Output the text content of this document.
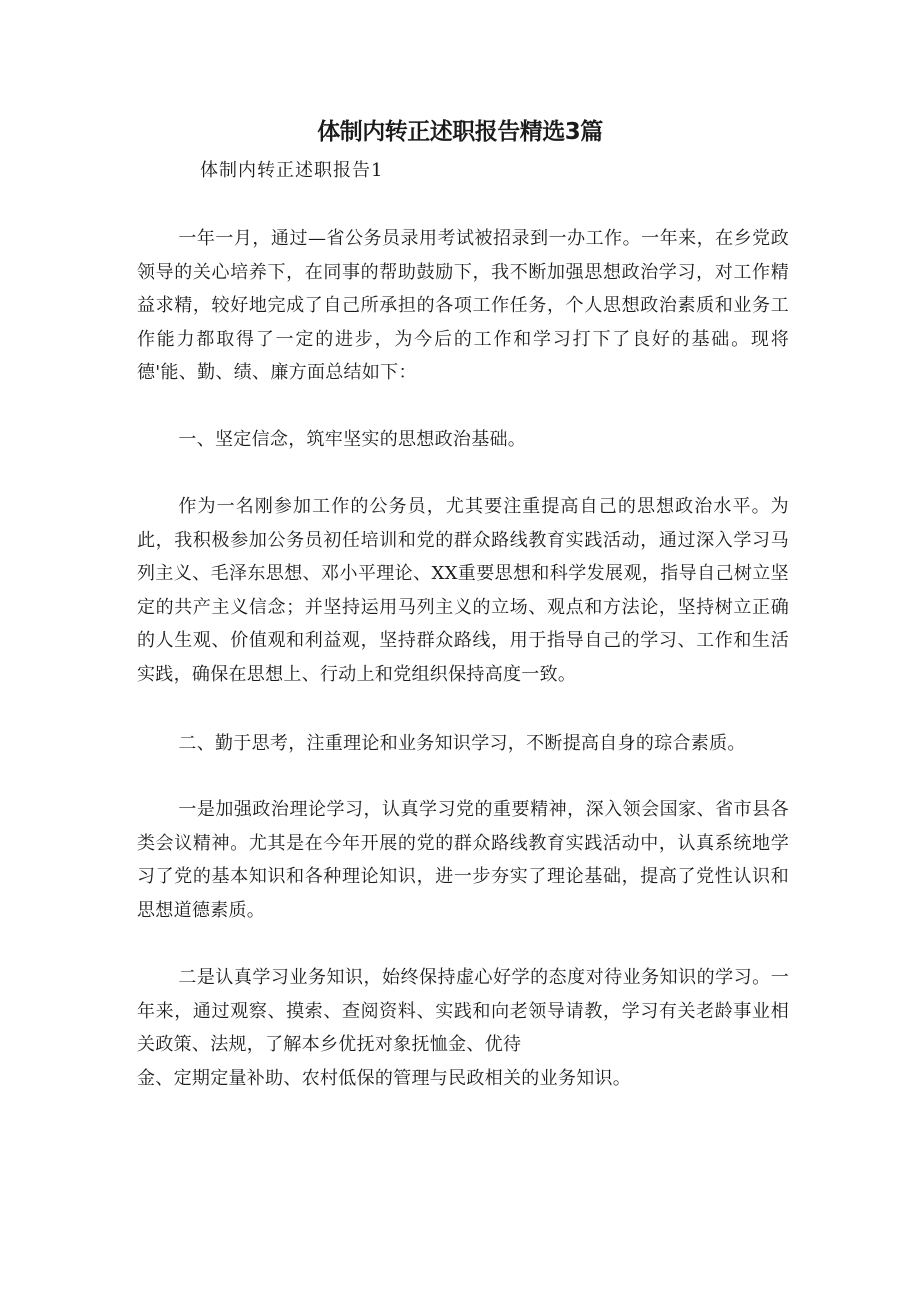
体制内转正述职报告精选3篇

体制内转正述职报告1

一年一月，通过—省公务员录用考试被招录到一办工作。一年来，在乡党政领导的关心培养下，在同事的帮助鼓励下，我不断加强思想政治学习，对工作精益求精，较好地完成了自己所承担的各项工作任务，个人思想政治素质和业务工作能力都取得了一定的进步，为今后的工作和学习打下了良好的基础。现将德'能、勤、绩、廉方面总结如下：

一、坚定信念，筑牢坚实的思想政治基础。

作为一名刚参加工作的公务员，尤其要注重提高自己的思想政治水平。为此，我积极参加公务员初任培训和党的群众路线教育实践活动，通过深入学习马列主义、毛泽东思想、邓小平理论、XX重要思想和科学发展观，指导自己树立坚定的共产主义信念；并坚持运用马列主义的立场、观点和方法论，坚持树立正确的人生观、价值观和利益观，坚持群众路线，用于指导自己的学习、工作和生活实践，确保在思想上、行动上和党组织保持高度一致。

二、勤于思考，注重理论和业务知识学习，不断提高自身的琮合素质。

一是加强政治理论学习，认真学习党的重要精神，深入领会国家、省市县各类会议精神。尤其是在今年开展的党的群众路线教育实践活动中，认真系统地学习了党的基本知识和各种理论知识，进一步夯实了理论基础，提高了党性认识和思想道德素质。

二是认真学习业务知识，始终保持虚心好学的态度对待业务知识的学习。一年来，通过观察、摸索、查阅资料、实践和向老领导请教，学习有关老龄事业相关政策、法规，了解本乡优抚对象抚恤金、优待

金、定期定量补助、农村低保的管理与民政相关的业务知识。
